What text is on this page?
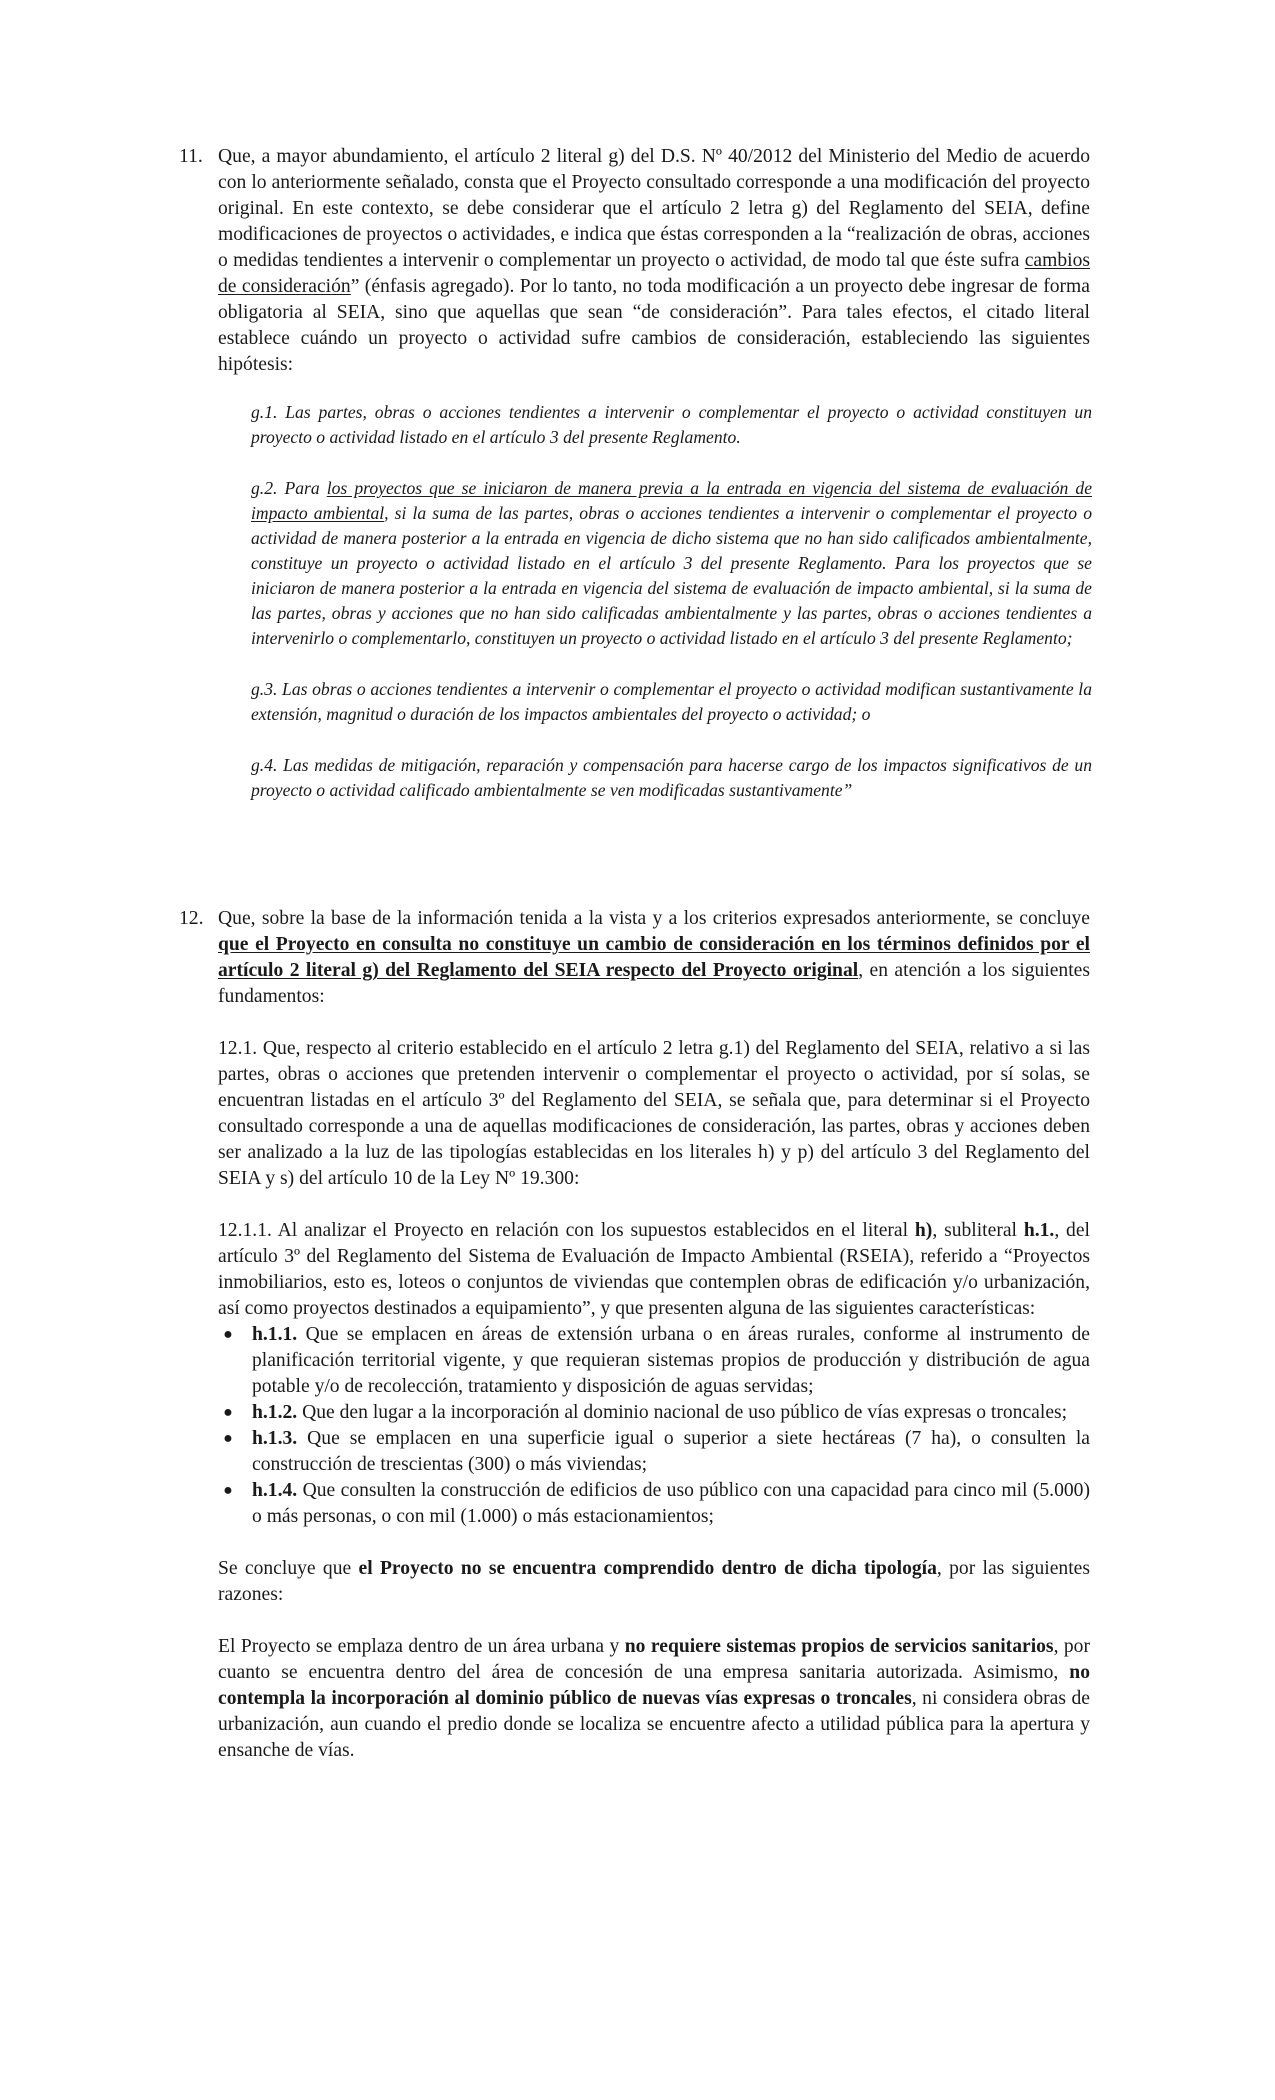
11. Que, a mayor abundamiento, el artículo 2 literal g) del D.S. Nº 40/2012 del Ministerio del Medio de acuerdo con lo anteriormente señalado, consta que el Proyecto consultado corresponde a una modificación del proyecto original. En este contexto, se debe considerar que el artículo 2 letra g) del Reglamento del SEIA, define modificaciones de proyectos o actividades, e indica que éstas corresponden a la “realización de obras, acciones o medidas tendientes a intervenir o complementar un proyecto o actividad, de modo tal que éste sufra cambios de consideración” (énfasis agregado). Por lo tanto, no toda modificación a un proyecto debe ingresar de forma obligatoria al SEIA, sino que aquellas que sean “de consideración”. Para tales efectos, el citado literal establece cuándo un proyecto o actividad sufre cambios de consideración, estableciendo las siguientes hipótesis:

g.1. Las partes, obras o acciones tendientes a intervenir o complementar el proyecto o actividad constituyen un proyecto o actividad listado en el artículo 3 del presente Reglamento.

g.2. Para los proyectos que se iniciaron de manera previa a la entrada en vigencia del sistema de evaluación de impacto ambiental, si la suma de las partes, obras o acciones tendientes a intervenir o complementar el proyecto o actividad de manera posterior a la entrada en vigencia de dicho sistema que no han sido calificados ambientalmente, constituye un proyecto o actividad listado en el artículo 3 del presente Reglamento. Para los proyectos que se iniciaron de manera posterior a la entrada en vigencia del sistema de evaluación de impacto ambiental, si la suma de las partes, obras y acciones que no han sido calificadas ambientalmente y las partes, obras o acciones tendientes a intervenirlo o complementarlo, constituyen un proyecto o actividad listado en el artículo 3 del presente Reglamento;

g.3. Las obras o acciones tendientes a intervenir o complementar el proyecto o actividad modifican sustantivamente la extensión, magnitud o duración de los impactos ambientales del proyecto o actividad; o

g.4. Las medidas de mitigación, reparación y compensación para hacerse cargo de los impactos significativos de un proyecto o actividad calificado ambientalmente se ven modificadas sustantivamente”

12. Que, sobre la base de la información tenida a la vista y a los criterios expresados anteriormente, se concluye que el Proyecto en consulta no constituye un cambio de consideración en los términos definidos por el artículo 2 literal g) del Reglamento del SEIA respecto del Proyecto original, en atención a los siguientes fundamentos:

12.1. Que, respecto al criterio establecido en el artículo 2 letra g.1) del Reglamento del SEIA, relativo a si las partes, obras o acciones que pretenden intervenir o complementar el proyecto o actividad, por sí solas, se encuentran listadas en el artículo 3º del Reglamento del SEIA, se señala que, para determinar si el Proyecto consultado corresponde a una de aquellas modificaciones de consideración, las partes, obras y acciones deben ser analizado a la luz de las tipologías establecidas en los literales h) y p) del artículo 3 del Reglamento del SEIA y s) del artículo 10 de la Ley Nº 19.300:

12.1.1. Al analizar el Proyecto en relación con los supuestos establecidos en el literal h), subliteral h.1., del artículo 3º del Reglamento del Sistema de Evaluación de Impacto Ambiental (RSEIA), referido a “Proyectos inmobiliarios, esto es, loteos o conjuntos de viviendas que contemplen obras de edificación y/o urbanización, así como proyectos destinados a equipamiento”, y que presenten alguna de las siguientes características:

● h.1.1. Que se emplacen en áreas de extensión urbana o en áreas rurales, conforme al instrumento de planificación territorial vigente, y que requieran sistemas propios de producción y distribución de agua potable y/o de recolección, tratamiento y disposición de aguas servidas;

● h.1.2. Que den lugar a la incorporación al dominio nacional de uso público de vías expresas o troncales;

● h.1.3. Que se emplacen en una superficie igual o superior a siete hectáreas (7 ha), o consulten la construcción de trescientas (300) o más viviendas;

● h.1.4. Que consulten la construcción de edificios de uso público con una capacidad para cinco mil (5.000) o más personas, o con mil (1.000) o más estacionamientos;

Se concluye que el Proyecto no se encuentra comprendido dentro de dicha tipología, por las siguientes razones:

El Proyecto se emplaza dentro de un área urbana y no requiere sistemas propios de servicios sanitarios, por cuanto se encuentra dentro del área de concesión de una empresa sanitaria autorizada. Asimismo, no contempla la incorporación al dominio público de nuevas vías expresas o troncales, ni considera obras de urbanización, aun cuando el predio donde se localiza se encuentre afecto a utilidad pública para la apertura y ensanche de vías.
